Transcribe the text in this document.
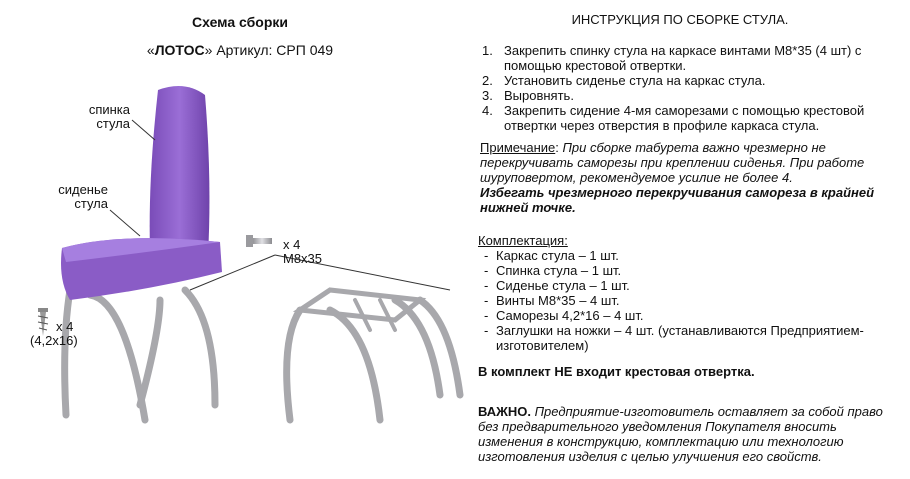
Схема сборки
«ЛОТОС» Артикул: СРП 049
спинка
стула
сиденье
стула
x 4
M8x35
x 4
(4,2x16)
ИНСТРУКЦИЯ ПО СБОРКЕ СТУЛА.
1. Закрепить спинку стула на каркасе винтами М8*35 (4 шт) с помощью крестовой отвертки.
2. Установить сиденье стула на каркас стула.
3. Выровнять.
4. Закрепить сидение 4-мя саморезами с помощью крестовой отвертки через отверстия в профиле каркаса стула.
Примечание: При сборке табурета важно чрезмерно не перекручивать саморезы при креплении сиденья. При работе шуруповертом, рекомендуемое усилие не более 4.
Избегать чрезмерного перекручивания самореза в крайней нижней точке.
Комплектация:
- Каркас стула – 1 шт.
- Спинка стула – 1 шт.
- Сиденье стула – 1 шт.
- Винты М8*35 – 4 шт.
- Саморезы 4,2*16 – 4 шт.
- Заглушки на ножки – 4 шт. (устанавливаются Предприятием-изготовителем)
В комплект НЕ входит крестовая отвертка.
ВАЖНО. Предприятие-изготовитель оставляет за собой право без предварительного уведомления Покупателя вносить изменения в конструкцию, комплектацию или технологию изготовления изделия с целью улучшения его свойств.
